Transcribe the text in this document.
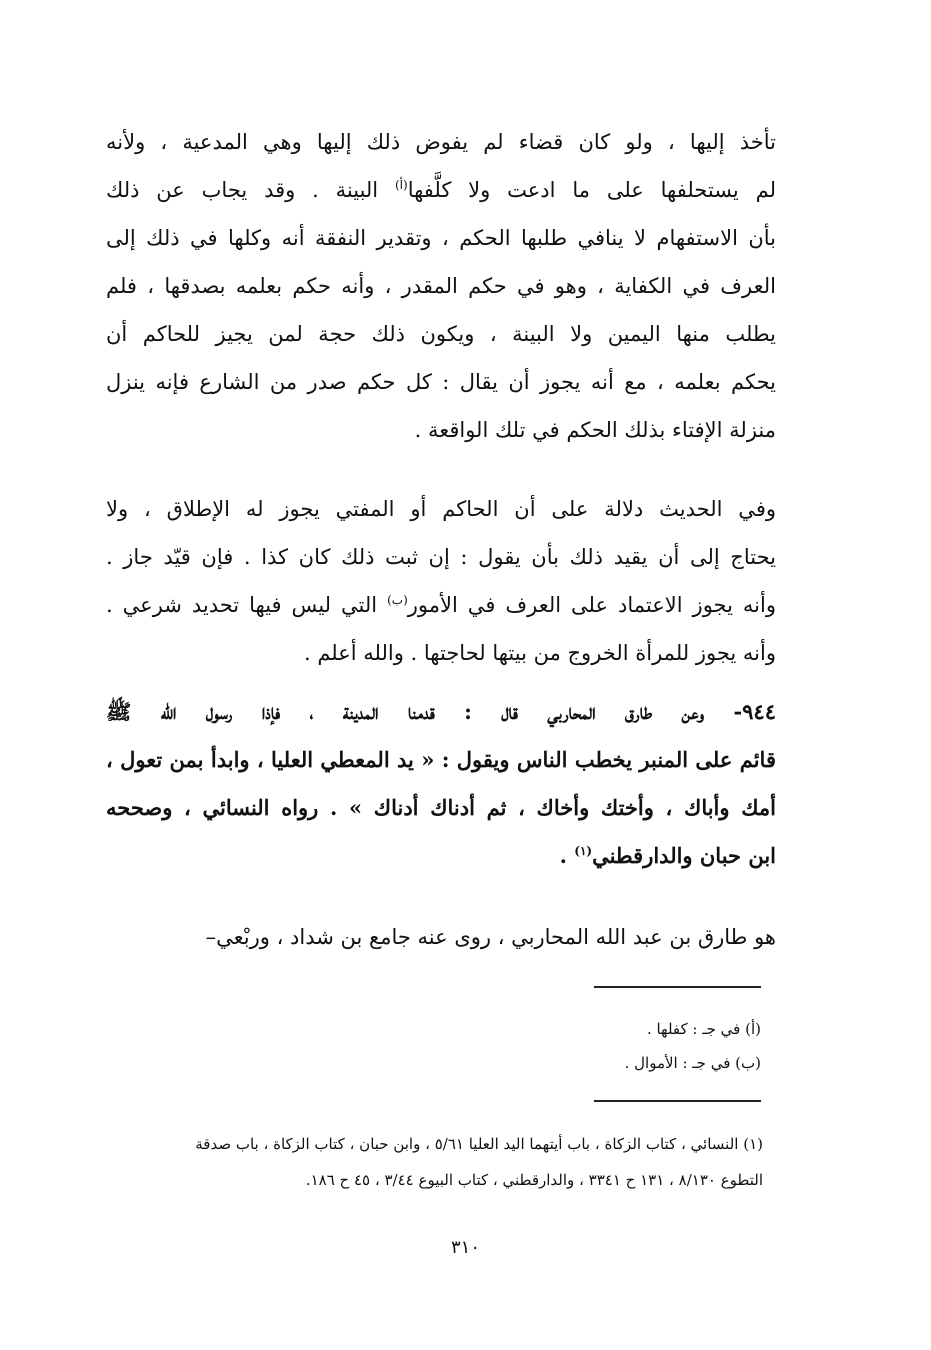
تأخذ إليها ، ولو كان قضاء لم يفوض ذلك إليها وهي المدعية ، ولأنه
لم يستحلفها على ما ادعت ولا كلَّفها$^{(أ)}$ البينة . وقد يجاب عن ذلك
بأن الاستفهام لا ينافي طلبها الحكم ، وتقدير النفقة أنه وكلها في ذلك إلى
العرف في الكفاية ، وهو في حكم المقدر ، وأنه حكم بعلمه بصدقها ، فلم
يطلب منها اليمين ولا البينة ، ويكون ذلك حجة لمن يجيز للحاكم أن
يحكم بعلمه ، مع أنه يجوز أن يقال : كل حكم صدر من الشارع فإنه ينزل
منزلة الإفتاء بذلك الحكم في تلك الواقعة .
وفي الحديث دلالة على أن الحاكم أو المفتي يجوز له الإطلاق ، ولا
يحتاج إلى أن يقيد ذلك بأن يقول : إن ثبت ذلك كان كذا . فإن قيّد جاز .
وأنه يجوز الاعتماد على العرف في الأمور$^{(ب)}$ التي ليس فيها تحديد شرعي .
وأنه يجوز للمرأة الخروج من بيتها لحاجتها . والله أعلم .
٩٤٤- وعن طارق المحاربي قال : قدمنا المدينة ، فإذا رسول الله ﷺ
قائم على المنبر يخطب الناس ويقول : « يد المعطي العليا ، وابدأ بمن تعول ،
أمك وأباك ، وأختك وأخاك ، ثم أدناك أدناك » . رواه النسائي ، وصححه
ابن حبان والدارقطني$^{(١)}$ .
هو طارق بن عبد الله المحاربي ، روى عنه جامع بن شداد ، وربْعي–
(أ) في جـ : كفلها .
(ب) في جـ : الأموال .
(١) النسائي ، كتاب الزكاة ، باب أيتهما اليد العليا ٥/٦١ ، وابن حبان ، كتاب الزكاة ، باب صدقة
التطوع ٨/١٣٠ ، ١٣١ ح ٣٣٤١ ، والدارقطني ، كتاب البيوع ٣/٤٤ ، ٤٥ ح ١٨٦.
٣١٠
